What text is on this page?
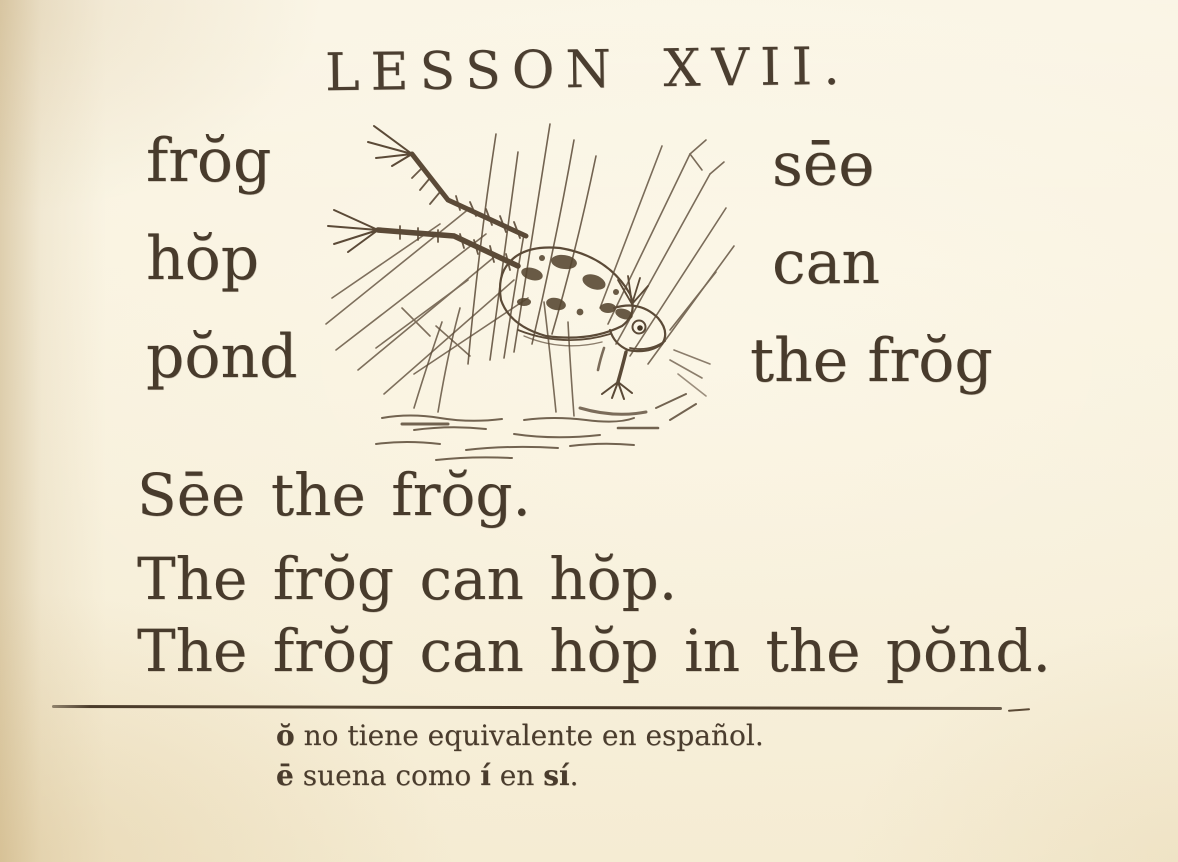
LESSON XVII.
frŏg
hŏp
pŏnd
sēɵ
can
the frŏg

Sēe the frŏg.

The frŏg can hŏp.

The frŏg can hŏp in the pŏnd.

ŏ no tiene equivalente en español.
ē suena como í en sí.
